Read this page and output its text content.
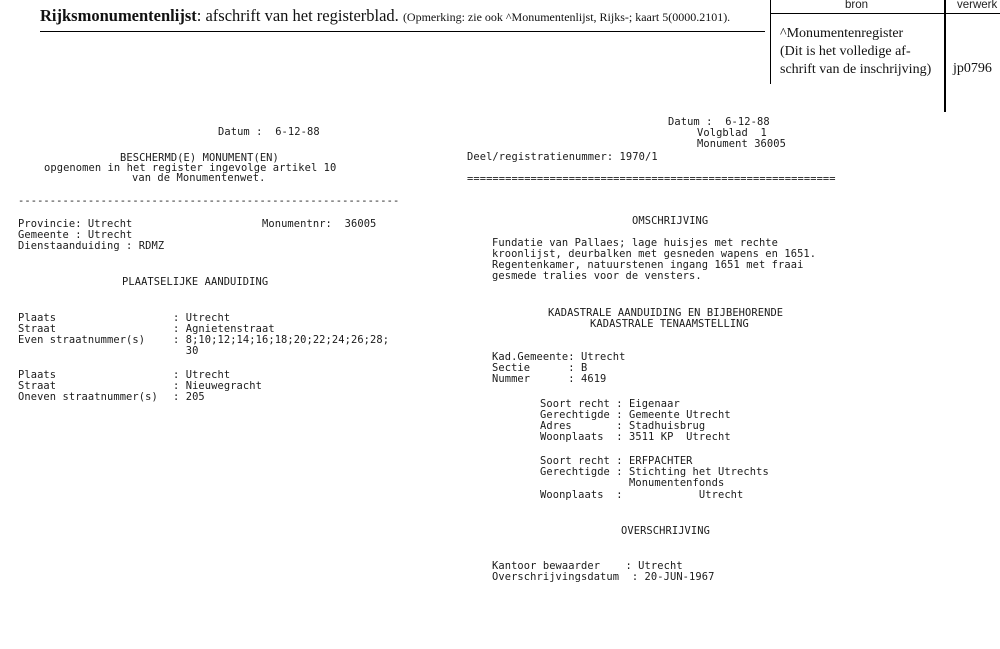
Rijksmonumentenlijst: afschrift van het registerblad. (Opmerking: zie ook ^Monumentenlijst, Rijks-; kaart 5(0000.2101).
bron	verwerk
^Monumentenregister
(Dit is het volledige af-
schrift van de inschrijving) jp0796
Datum :  6-12-88
BESCHERMD(E) MONUMENT(EN)
opgenomen in het register ingevolge artikel 10
van de Monumentenwet.
------------------------------------------------------------
Provincie: Utrecht	Monumentnr:  36005
Gemeente : Utrecht
Dienstaanduiding : RDMZ
PLAATSELIJKE AANDUIDING
Plaats	: Utrecht
Straat	: Agnietenstraat
Even straatnummer(s)	: 8;10;12;14;16;18;20;22;24;26;28;
30
Plaats	: Utrecht
Straat	: Nieuwegracht
Oneven straatnummer(s) : 205
Datum :  6-12-88
Volgblad  1
Monument 36005
Deel/registratienummer: 1970/1
==========================================================
OMSCHRIJVING
Fundatie van Pallaes; lage huisjes met rechte
kroonlijst, deurbalken met gesneden wapens en 1651.
Regentenkamer, natuurstenen ingang 1651 met fraai
gesmede tralies voor de vensters.
KADASTRALE AANDUIDING EN BIJBEHORENDE
KADASTRALE TENAAMSTELLING
Kad.Gemeente: Utrecht
Sectie      : B
Nummer      : 4619
Soort recht : Eigenaar
Gerechtigde : Gemeente Utrecht
Adres       : Stadhuisbrug
Woonplaats  : 3511 KP  Utrecht
Soort recht : ERFPACHTER
Gerechtigde : Stichting het Utrechts
Monumentenfonds
Woonplaats  :            Utrecht
OVERSCHRIJVING
Kantoor bewaarder    : Utrecht
Overschrijvingsdatum  : 20-JUN-1967
